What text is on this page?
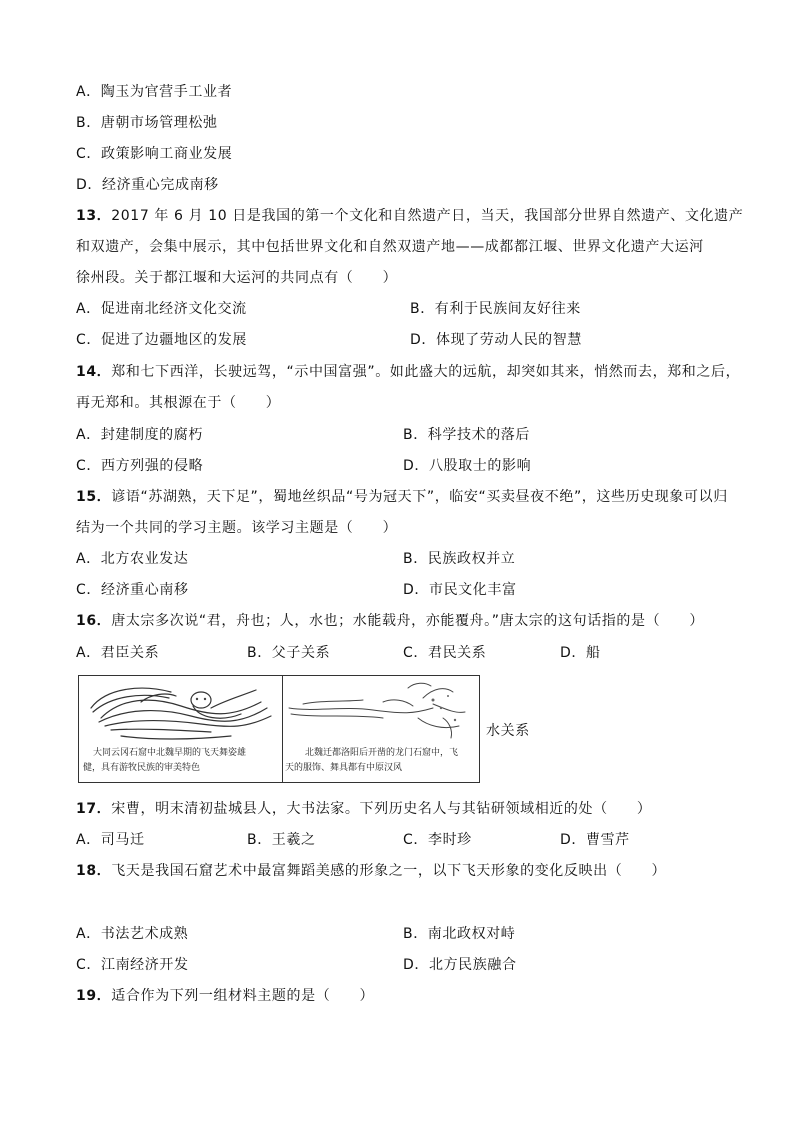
A．陶玉为官营手工业者
B．唐朝市场管理松弛
C．政策影响工商业发展
D．经济重心完成南移
13．2017 年 6 月 10 日是我国的第一个文化和自然遗产日，当天，我国部分世界自然遗产、文化遗产
和双遗产，会集中展示，其中包括世界文化和自然双遗产地——成都都江堰、世界文化遗产大运河
徐州段。关于都江堰和大运河的共同点有（　　）
A．促进南北经济文化交流	B．有利于民族间友好往来
C．促进了边疆地区的发展	D．体现了劳动人民的智慧
14．郑和七下西洋，长驶远驾，“示中国富强”。如此盛大的远航，却突如其来，悄然而去，郑和之后，
再无郑和。其根源在于（　　）
A．封建制度的腐朽	B．科学技术的落后
C．西方列强的侵略	D．八股取士的影响
15．谚语“苏湖熟，天下足”，蜀地丝织品“号为冠天下”，临安“买卖昼夜不绝”，这些历史现象可以归
结为一个共同的学习主题。该学习主题是（　　）
A．北方农业发达	B．民族政权并立
C．经济重心南移	D．市民文化丰富
16．唐太宗多次说“君，舟也；人，水也；水能载舟，亦能覆舟。”唐太宗的这句话指的是（　　）
A．君臣关系	B．父子关系	C．君民关系	D．船
大同云冈石窟中北魏早期的飞天舞姿雄
健，具有游牧民族的审美特色
北魏迁都洛阳后开凿的龙门石窟中，飞
天的服饰、舞具都有中原汉风
水关系
17．宋曹，明末清初盐城县人，大书法家。下列历史名人与其钻研领域相近的处（　　）
A．司马迁	B．王羲之	C．李时珍	D．曹雪芹
18．飞天是我国石窟艺术中最富舞蹈美感的形象之一，以下飞天形象的变化反映出（　　）
A．书法艺术成熟	B．南北政权对峙
C．江南经济开发	D．北方民族融合
19．适合作为下列一组材料主题的是（　　）
